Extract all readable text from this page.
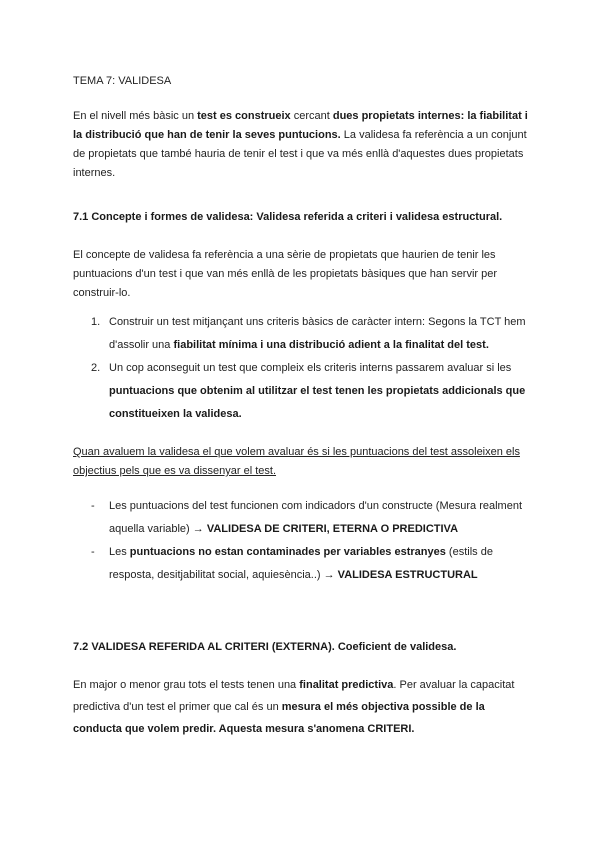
TEMA 7: VALIDESA

En el nivell més bàsic un test es construeix cercant dues propietats internes: la fiabilitat i la distribució que han de tenir la seves puntucions. La validesa fa referència a un conjunt de propietats que també hauria de tenir el test i que va més enllà d'aquestes dues propietats internes.

7.1 Concepte i formes de validesa: Validesa referida a criteri i validesa estructural.

El concepte de validesa fa referència a una sèrie de propietats que haurien de tenir les puntuacions d'un test i que van més enllà de les propietats bàsiques que han servir per construir-lo.

1. Construir un test mitjançant uns criteris bàsics de caràcter intern: Segons la TCT hem d'assolir una fiabilitat mínima i una distribució adient a la finalitat del test.

2. Un cop aconseguit un test que compleix els criteris interns passarem avaluar si les puntuacions que obtenim al utilitzar el test tenen les propietats addicionals que constitueixen la validesa.

Quan avaluem la validesa el que volem avaluar és si les puntuacions del test assoleixen els objectius pels que es va dissenyar el test.

- Les puntuacions del test funcionen com indicadors d'un constructe (Mesura realment aquella variable) → VALIDESA DE CRITERI, ETERNA O PREDICTIVA

- Les puntuacions no estan contaminades per variables estranyes (estils de resposta, desitjabilitat social, aquiesència..) → VALIDESA ESTRUCTURAL

7.2 VALIDESA REFERIDA AL CRITERI (EXTERNA). Coeficient de validesa.

En major o menor grau tots el tests tenen una finalitat predictiva. Per avaluar la capacitat predictiva d'un test el primer que cal és un mesura el més objectiva possible de la conducta que volem predir. Aquesta mesura s'anomena CRITERI.
